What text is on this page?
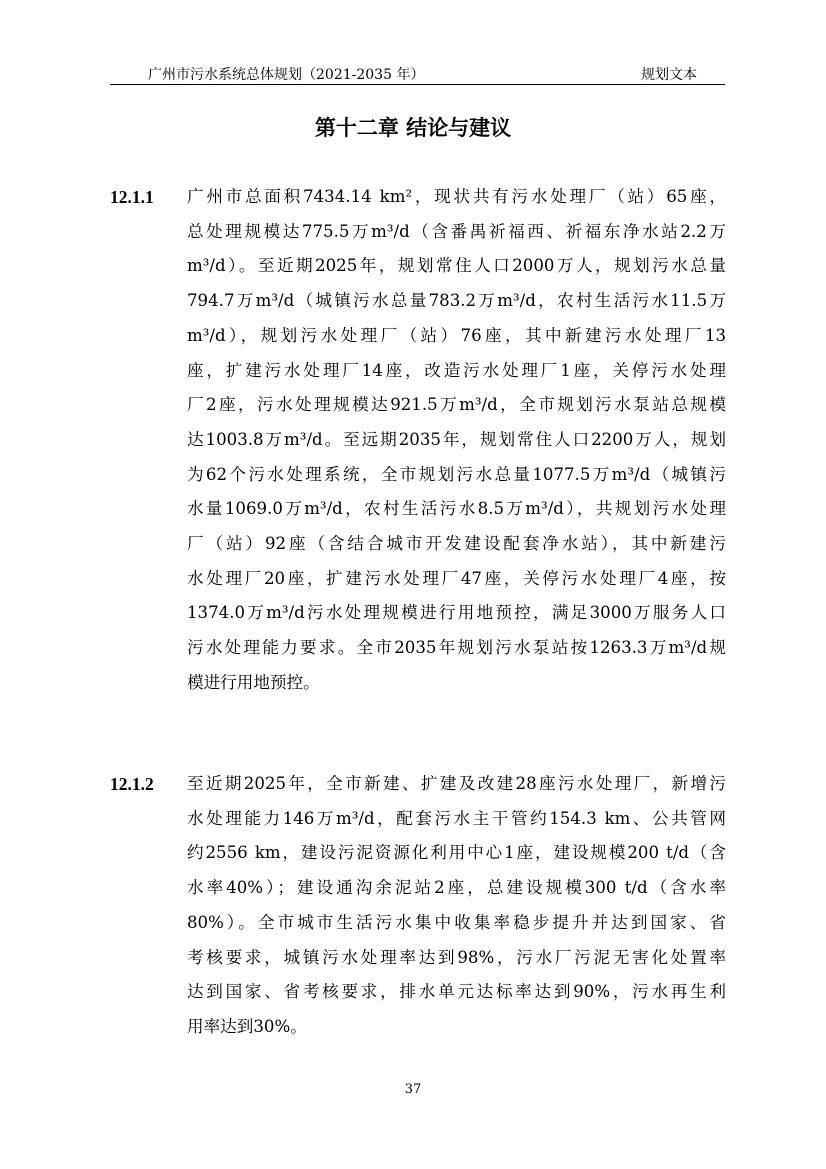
广州市污水系统总体规划（2021-2035 年）	规划文本
第十二章 结论与建议
12.1.1 广州市总面积7434.14 km²，现状共有污水处理厂（站）65座，
总处理规模达775.5万m³/d（含番禺祈福西、祈福东净水站2.2万
m³/d）。至近期2025年，规划常住人口2000万人，规划污水总量
794.7万m³/d（城镇污水总量783.2万m³/d，农村生活污水11.5万
m³/d），规划污水处理厂（站）76座，其中新建污水处理厂13
座，扩建污水处理厂14座，改造污水处理厂1座，关停污水处理
厂2座，污水处理规模达921.5万m³/d，全市规划污水泵站总规模
达1003.8万m³/d。至远期2035年，规划常住人口2200万人，规划
为62个污水处理系统，全市规划污水总量1077.5万m³/d（城镇污
水量1069.0万m³/d，农村生活污水8.5万m³/d），共规划污水处理
厂（站）92座（含结合城市开发建设配套净水站），其中新建污
水处理厂20座，扩建污水处理厂47座，关停污水处理厂4座，按
1374.0万m³/d污水处理规模进行用地预控，满足3000万服务人口
污水处理能力要求。全市2035年规划污水泵站按1263.3万m³/d规
模进行用地预控。
12.1.2 至近期2025年，全市新建、扩建及改建28座污水处理厂，新增污
水处理能力146万m³/d，配套污水主干管约154.3 km、公共管网
约2556 km，建设污泥资源化利用中心1座，建设规模200 t/d（含
水率40%）；建设通沟余泥站2座，总建设规模300 t/d（含水率
80%）。全市城市生活污水集中收集率稳步提升并达到国家、省
考核要求，城镇污水处理率达到98%，污水厂污泥无害化处置率
达到国家、省考核要求，排水单元达标率达到90%，污水再生利
用率达到30%。
37
